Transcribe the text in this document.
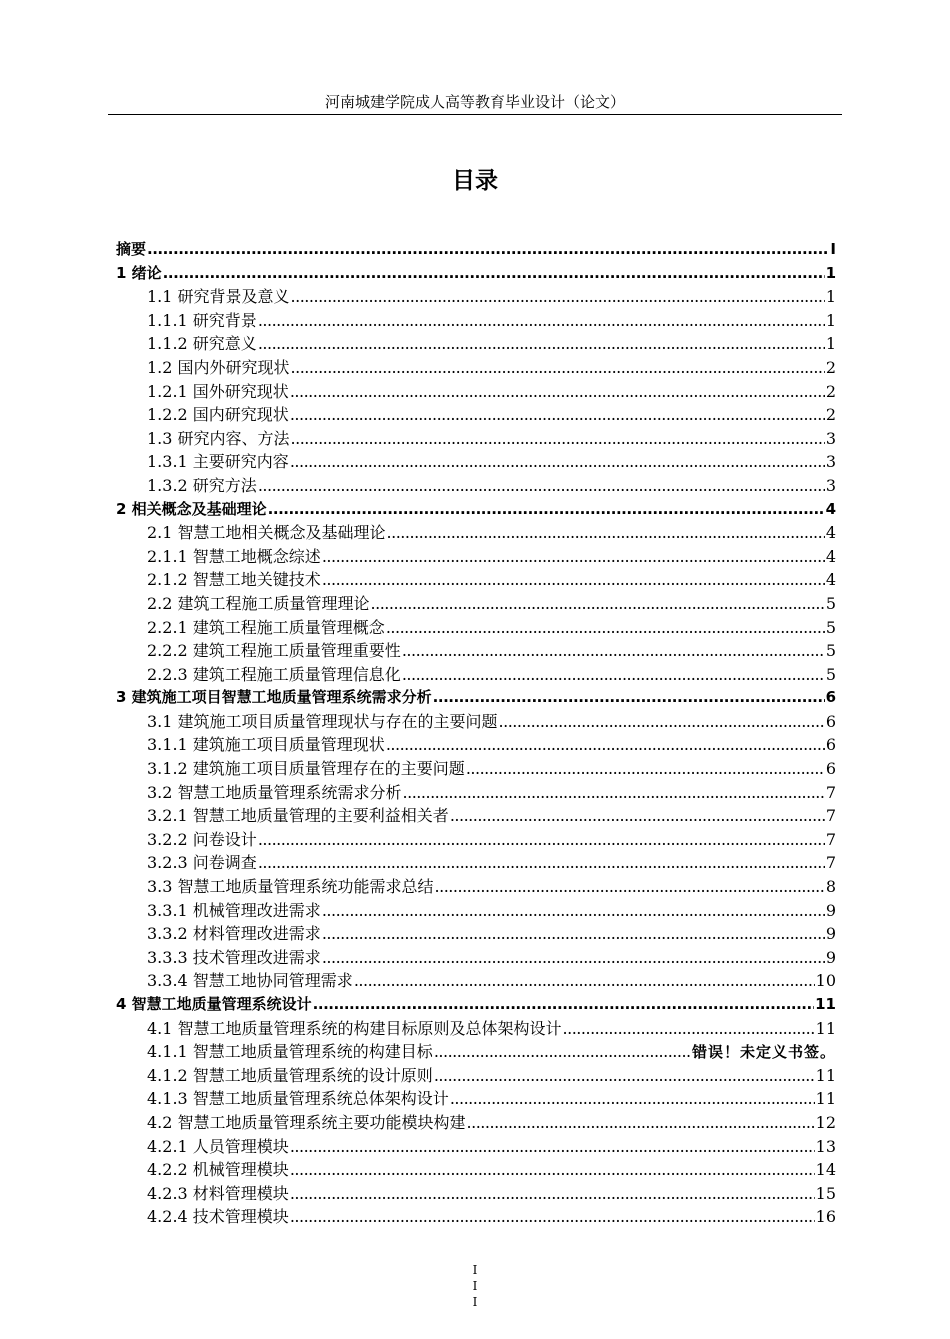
河南城建学院成人高等教育毕业设计（论文）
目录
摘要 .....	I
1 绪论 .....	1
1.1 研究背景及意义 .....	1
1.1.1 研究背景 .....	1
1.1.2 研究意义 .....	1
1.2 国内外研究现状 .....	2
1.2.1 国外研究现状 .....	2
1.2.2 国内研究现状 .....	2
1.3 研究内容、方法 .....	3
1.3.1 主要研究内容 .....	3
1.3.2 研究方法 .....	3
2 相关概念及基础理论 .....	4
2.1 智慧工地相关概念及基础理论 .....	4
2.1.1 智慧工地概念综述 .....	4
2.1.2 智慧工地关键技术 .....	4
2.2 建筑工程施工质量管理理论 .....	5
2.2.1 建筑工程施工质量管理概念 .....	5
2.2.2 建筑工程施工质量管理重要性 .....	5
2.2.3 建筑工程施工质量管理信息化 .....	5
3 建筑施工项目智慧工地质量管理系统需求分析 .....	6
3.1 建筑施工项目质量管理现状与存在的主要问题 .....	6
3.1.1 建筑施工项目质量管理现状 .....	6
3.1.2 建筑施工项目质量管理存在的主要问题 .....	6
3.2 智慧工地质量管理系统需求分析 .....	7
3.2.1 智慧工地质量管理的主要利益相关者 .....	7
3.2.2 问卷设计 .....	7
3.2.3 问卷调查 .....	7
3.3 智慧工地质量管理系统功能需求总结 .....	8
3.3.1 机械管理改进需求 .....	9
3.3.2 材料管理改进需求 .....	9
3.3.3 技术管理改进需求 .....	9
3.3.4 智慧工地协同管理需求 .....	10
4 智慧工地质量管理系统设计 .....	11
4.1 智慧工地质量管理系统的构建目标原则及总体架构设计 .....	11
4.1.1 智慧工地质量管理系统的构建目标 .....	错误！未定义书签。
4.1.2 智慧工地质量管理系统的设计原则 .....	11
4.1.3 智慧工地质量管理系统总体架构设计 .....	11
4.2 智慧工地质量管理系统主要功能模块构建 .....	12
4.2.1 人员管理模块 .....	13
4.2.2 机械管理模块 .....	14
4.2.3 材料管理模块 .....	15
4.2.4 技术管理模块 .....	16
I
I
I
